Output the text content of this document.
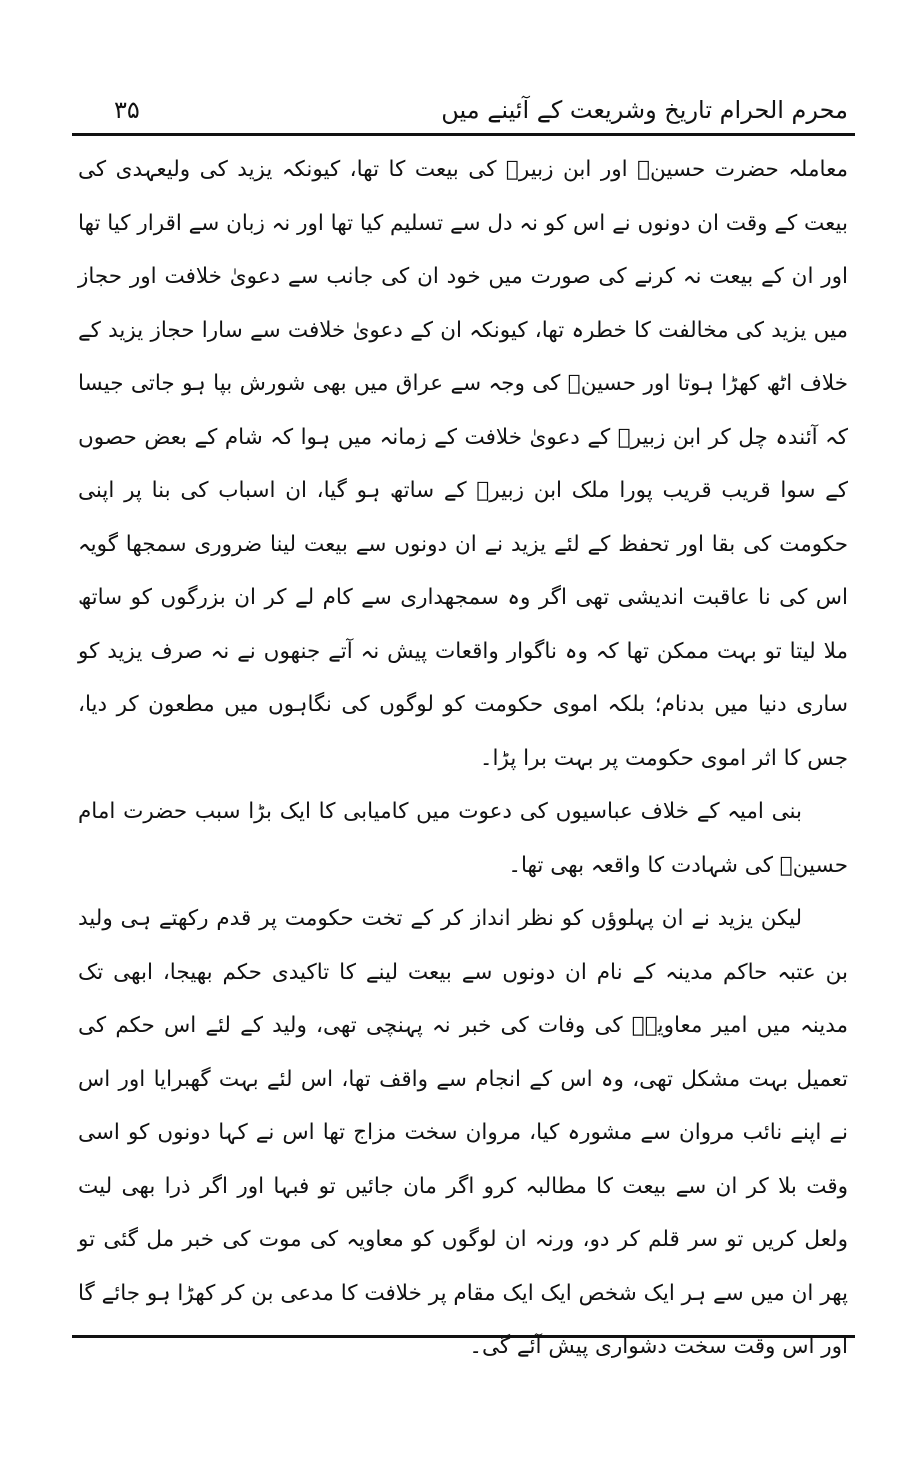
محرم الحرام تاریخ وشریعت کے آئینے میں
۳۵

معاملہ حضرت حسینؓ اور ابن زبیرؓ کی بیعت کا تھا، کیونکہ یزید کی ولیعہدی کی بیعت کے وقت ان دونوں نے اس کو نہ دل سے تسلیم کیا تھا اور نہ زبان سے اقرار کیا تھا اور ان کے بیعت نہ کرنے کی صورت میں خود ان کی جانب سے دعویٰ خلافت اور حجاز میں یزید کی مخالفت کا خطرہ تھا، کیونکہ ان کے دعویٰ خلافت سے سارا حجاز یزید کے خلاف اٹھ کھڑا ہوتا اور حسینؓ کی وجہ سے عراق میں بھی شورش بپا ہو جاتی جیسا کہ آئندہ چل کر ابن زبیرؓ کے دعویٰ خلافت کے زمانہ میں ہوا کہ شام کے بعض حصوں کے سوا قریب قریب پورا ملک ابن زبیرؓ کے ساتھ ہو گیا، ان اسباب کی بنا پر اپنی حکومت کی بقا اور تحفظ کے لئے یزید نے ان دونوں سے بیعت لینا ضروری سمجھا گویہ اس کی نا عاقبت اندیشی تھی اگر وہ سمجھداری سے کام لے کر ان بزرگوں کو ساتھ ملا لیتا تو بہت ممکن تھا کہ وہ ناگوار واقعات پیش نہ آتے جنھوں نے نہ صرف یزید کو ساری دنیا میں بدنام؛ بلکہ اموی حکومت کو لوگوں کی نگاہوں میں مطعون کر دیا، جس کا اثر اموی حکومت پر بہت برا پڑا۔

بنی امیہ کے خلاف عباسیوں کی دعوت میں کامیابی کا ایک بڑا سبب حضرت امام حسینؓ کی شہادت کا واقعہ بھی تھا۔

لیکن یزید نے ان پہلوؤں کو نظر انداز کر کے تخت حکومت پر قدم رکھتے ہی ولید بن عتبہ حاکم مدینہ کے نام ان دونوں سے بیعت لینے کا تاکیدی حکم بھیجا، ابھی تک مدینہ میں امیر معاویہؓ کی وفات کی خبر نہ پہنچی تھی، ولید کے لئے اس حکم کی تعمیل بہت مشکل تھی، وہ اس کے انجام سے واقف تھا، اس لئے بہت گھبرایا اور اس نے اپنے نائب مروان سے مشورہ کیا، مروان سخت مزاج تھا اس نے کہا دونوں کو اسی وقت بلا کر ان سے بیعت کا مطالبہ کرو اگر مان جائیں تو فبہا اور اگر ذرا بھی لیت ولعل کریں تو سر قلم کر دو، ورنہ ان لوگوں کو معاویہ کی موت کی خبر مل گئی تو پھر ان میں سے ہر ایک شخص ایک ایک مقام پر خلافت کا مدعی بن کر کھڑا ہو جائے گا اور اس وقت سخت دشواری پیش آئے گی۔
